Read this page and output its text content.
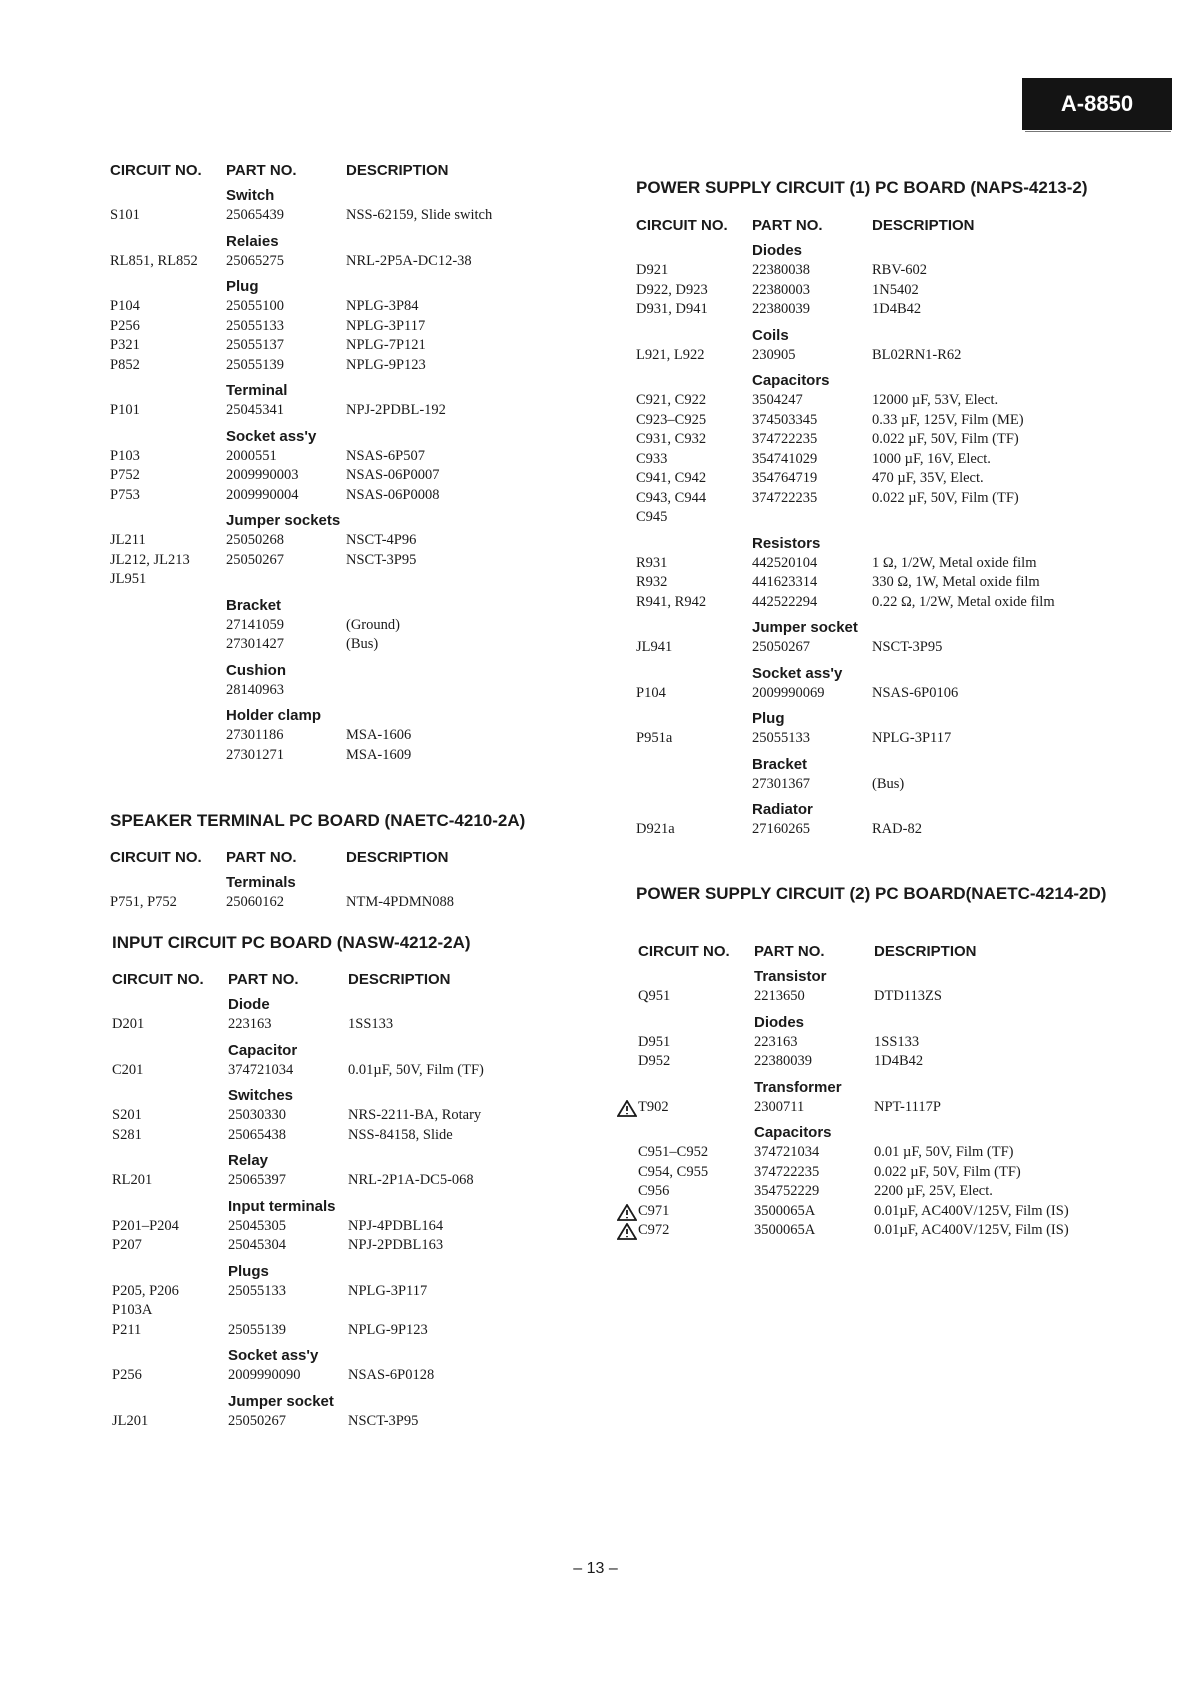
A-8850
CIRCUIT NO. PART NO.	DESCRIPTION
Switch
S101	25065439	NSS-62159, Slide switch
Relaies
RL851, RL852 25065275	NRL-2P5A-DC12-38
Plug
P104	25055100	NPLG-3P84
P256	25055133	NPLG-3P117
P321	25055137	NPLG-7P121
P852	25055139	NPLG-9P123
Terminal
P101	25045341	NPJ-2PDBL-192
Socket ass'y
P103	2000551	NSAS-6P507
P752	2009990003	NSAS-06P0007
P753	2009990004	NSAS-06P0008
Jumper sockets
JL211	25050268	NSCT-4P96
JL212, JL213	25050267	NSCT-3P95
JL951
Bracket
27141059	(Ground)
27301427	(Bus)
Cushion
28140963
Holder clamp
27301186	MSA-1606
27301271	MSA-1609
SPEAKER TERMINAL PC BOARD (NAETC-4210-2A)
CIRCUIT NO. PART NO.	DESCRIPTION
Terminals
P751, P752	25060162	NTM-4PDMN088
INPUT CIRCUIT PC BOARD (NASW-4212-2A)
CIRCUIT NO. PART NO.	DESCRIPTION
Diode
D201	223163	1SS133
Capacitor
C201	374721034	0.01µF, 50V, Film (TF)
Switches
S201	25030330	NRS-2211-BA, Rotary
S281	25065438	NSS-84158, Slide
Relay
RL201	25065397	NRL-2P1A-DC5-068
Input terminals
P201–P204	25045305	NPJ-4PDBL164
P207	25045304	NPJ-2PDBL163
Plugs
P205, P206	25055133	NPLG-3P117
P103A
P211	25055139	NPLG-9P123
Socket ass'y
P256	2009990090	NSAS-6P0128
Jumper socket
JL201	25050267	NSCT-3P95
POWER SUPPLY CIRCUIT (1) PC BOARD (NAPS-4213-2)
CIRCUIT NO. PART NO.	DESCRIPTION
Diodes
D921	22380038	RBV-602
D922, D923	22380003	1N5402
D931, D941	22380039	1D4B42
Coils
L921, L922	230905	BL02RN1-R62
Capacitors
C921, C922	3504247	12000 µF, 53V, Elect.
C923–C925	374503345	0.33 µF, 125V, Film (ME)
C931, C932	374722235	0.022 µF, 50V, Film (TF)
C933	354741029	1000 µF, 16V, Elect.
C941, C942	354764719	470 µF, 35V, Elect.
C943, C944	374722235	0.022 µF, 50V, Film (TF)
C945
Resistors
R931	442520104	1 Ω, 1/2W, Metal oxide film
R932	441623314	330 Ω, 1W, Metal oxide film
R941, R942	442522294	0.22 Ω, 1/2W, Metal oxide film
Jumper socket
JL941	25050267	NSCT-3P95
Socket ass'y
P104	2009990069	NSAS-6P0106
Plug
P951a	25055133	NPLG-3P117
Bracket
27301367	(Bus)
Radiator
D921a	27160265	RAD-82
POWER SUPPLY CIRCUIT (2) PC BOARD(NAETC-4214-2D)
CIRCUIT NO. PART NO.	DESCRIPTION
Transistor
Q951	2213650	DTD113ZS
Diodes
D951	223163	1SS133
D952	22380039	1D4B42
Transformer
T902	2300711	NPT-1117P
Capacitors
C951–C952	374721034	0.01 µF, 50V, Film (TF)
C954, C955	374722235	0.022 µF, 50V, Film (TF)
C956	354752229	2200 µF, 25V, Elect.
C971	3500065A	0.01µF, AC400V/125V, Film (IS)
C972	3500065A	0.01µF, AC400V/125V, Film (IS)
– 13 –
